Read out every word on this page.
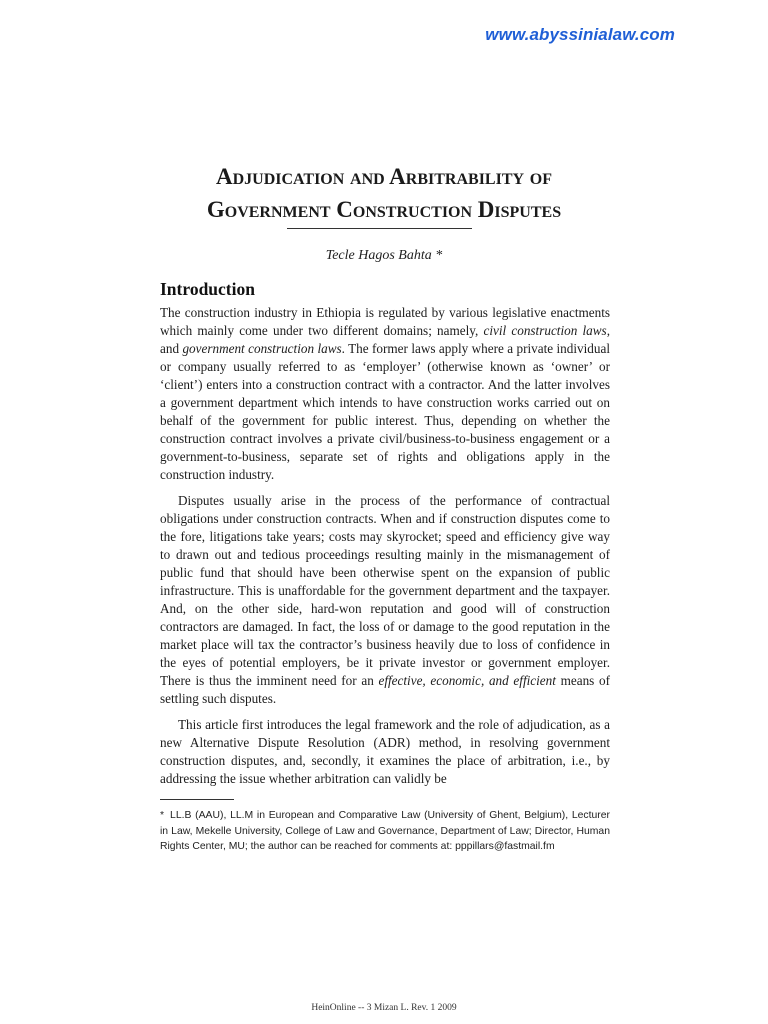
www.abyssinialaw.com
Adjudication and Arbitrability of
Government Construction Disputes
Tecle Hagos Bahta *
Introduction

The construction industry in Ethiopia is regulated by various legislative enactments which mainly come under two different domains; namely, civil construction laws, and government construction laws. The former laws apply where a private individual or company usually referred to as ‘employer’ (otherwise known as ‘owner’ or ‘client’) enters into a construction contract with a contractor. And the latter involves a government department which intends to have construction works carried out on behalf of the government for public interest. Thus, depending on whether the construction contract involves a private civil/business-to-business engagement or a government-to-business, separate set of rights and obligations apply in the construction industry.

Disputes usually arise in the process of the performance of contractual obligations under construction contracts. When and if construction disputes come to the fore, litigations take years; costs may skyrocket; speed and efficiency give way to drawn out and tedious proceedings resulting mainly in the mismanagement of public fund that should have been otherwise spent on the expansion of public infrastructure. This is unaffordable for the government department and the taxpayer. And, on the other side, hard-won reputation and good will of construction contractors are damaged. In fact, the loss of or damage to the good reputation in the market place will tax the contractor’s business heavily due to loss of confidence in the eyes of potential employers, be it private investor or government employer. There is thus the imminent need for an effective, economic, and efficient means of settling such disputes.

This article first introduces the legal framework and the role of adjudication, as a new Alternative Dispute Resolution (ADR) method, in resolving government construction disputes, and, secondly, it examines the place of arbitration, i.e., by addressing the issue whether arbitration can validly be

* LL.B (AAU), LL.M in European and Comparative Law (University of Ghent, Belgium), Lecturer in Law, Mekelle University, College of Law and Governance, Department of Law; Director, Human Rights Center, MU; the author can be reached for comments at: pppillars@fastmail.fm
HeinOnline -- 3 Mizan L. Rev. 1 2009
